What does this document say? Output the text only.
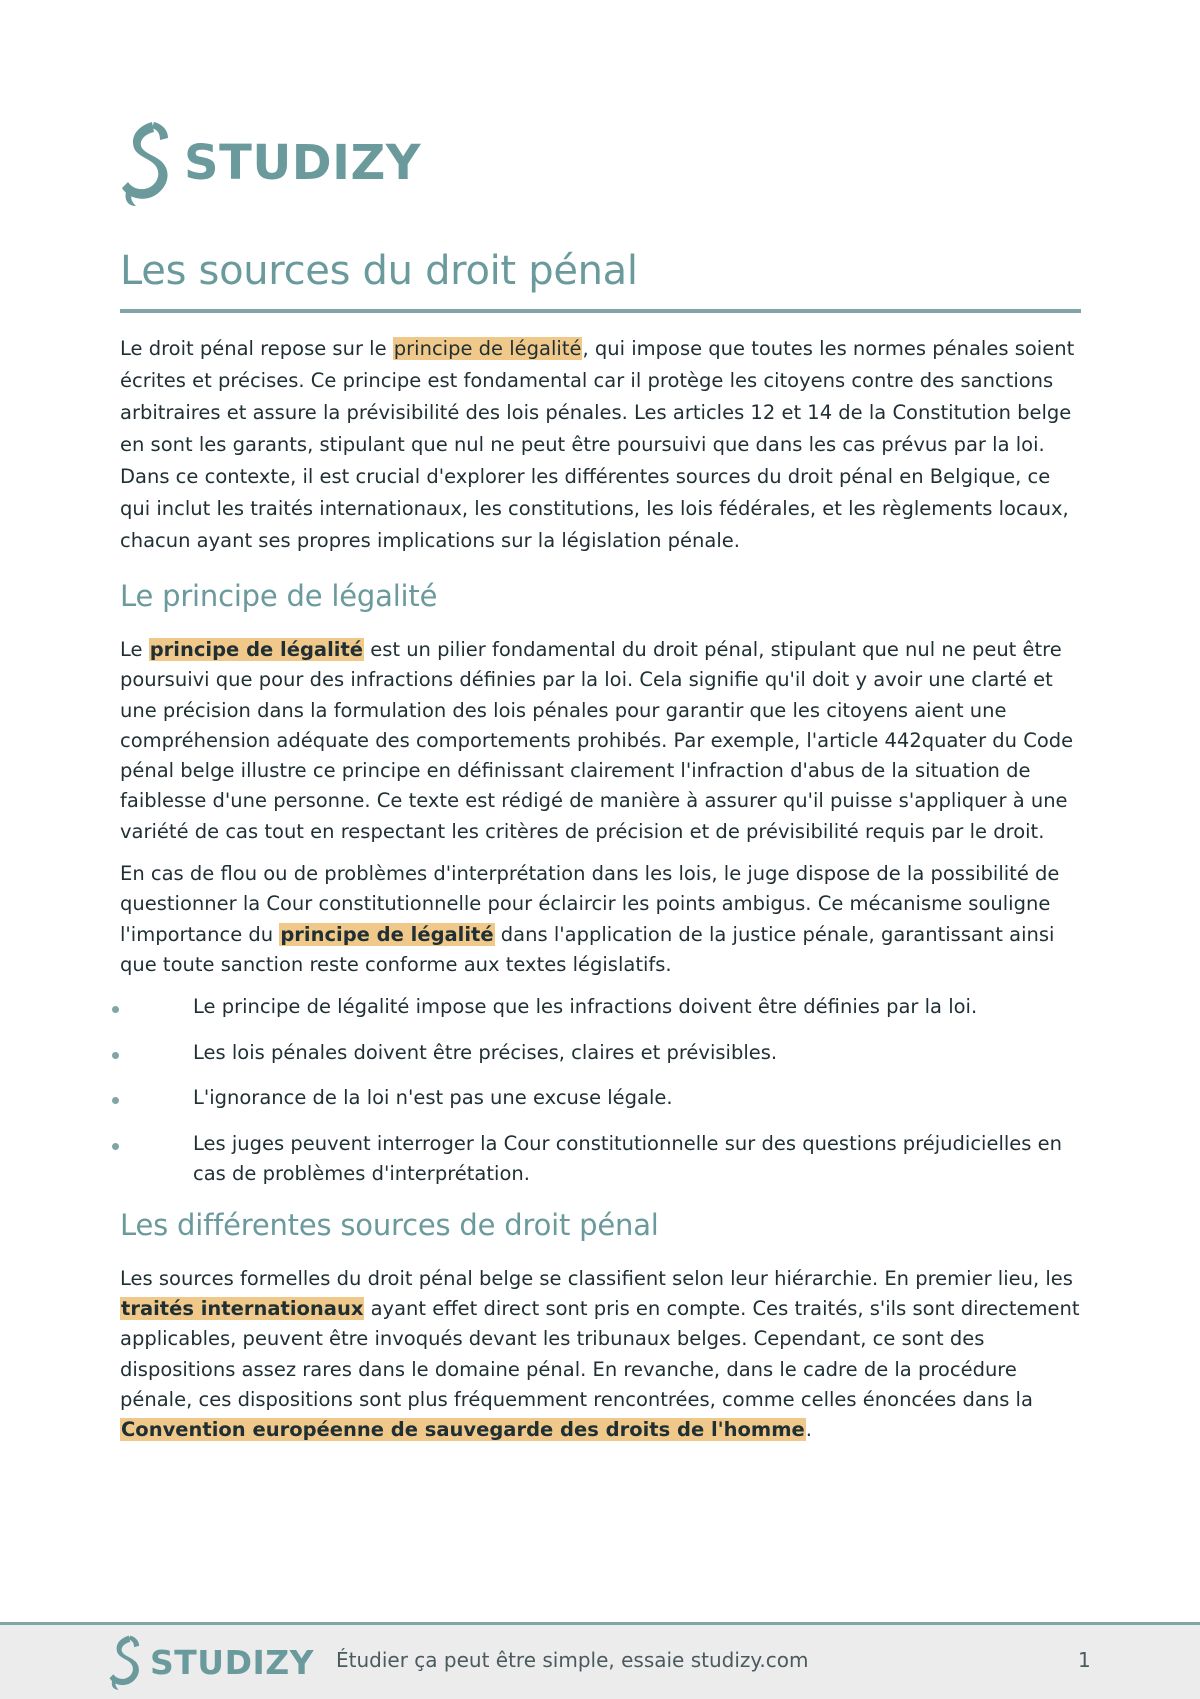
STUDIZY
Les sources du droit pénal

Le droit pénal repose sur le principe de légalité, qui impose que toutes les normes pénales soient écrites et précises. Ce principe est fondamental car il protège les citoyens contre des sanctions arbitraires et assure la prévisibilité des lois pénales. Les articles 12 et 14 de la Constitution belge en sont les garants, stipulant que nul ne peut être poursuivi que dans les cas prévus par la loi. Dans ce contexte, il est crucial d'explorer les différentes sources du droit pénal en Belgique, ce qui inclut les traités internationaux, les constitutions, les lois fédérales, et les règlements locaux, chacun ayant ses propres implications sur la législation pénale.

Le principe de légalité

Le principe de légalité est un pilier fondamental du droit pénal, stipulant que nul ne peut être poursuivi que pour des infractions définies par la loi. Cela signifie qu'il doit y avoir une clarté et une précision dans la formulation des lois pénales pour garantir que les citoyens aient une compréhension adéquate des comportements prohibés. Par exemple, l'article 442quater du Code pénal belge illustre ce principe en définissant clairement l'infraction d'abus de la situation de faiblesse d'une personne. Ce texte est rédigé de manière à assurer qu'il puisse s'appliquer à une variété de cas tout en respectant les critères de précision et de prévisibilité requis par le droit.

En cas de flou ou de problèmes d'interprétation dans les lois, le juge dispose de la possibilité de questionner la Cour constitutionnelle pour éclaircir les points ambigus. Ce mécanisme souligne l'importance du principe de légalité dans l'application de la justice pénale, garantissant ainsi que toute sanction reste conforme aux textes législatifs.

Le principe de légalité impose que les infractions doivent être définies par la loi.
Les lois pénales doivent être précises, claires et prévisibles.
L'ignorance de la loi n'est pas une excuse légale.
Les juges peuvent interroger la Cour constitutionnelle sur des questions préjudicielles en cas de problèmes d'interprétation.
Les différentes sources de droit pénal

Les sources formelles du droit pénal belge se classifient selon leur hiérarchie. En premier lieu, les traités internationaux ayant effet direct sont pris en compte. Ces traités, s'ils sont directement applicables, peuvent être invoqués devant les tribunaux belges. Cependant, ce sont des dispositions assez rares dans le domaine pénal. En revanche, dans le cadre de la procédure pénale, ces dispositions sont plus fréquemment rencontrées, comme celles énoncées dans la Convention européenne de sauvegarde des droits de l'homme.

STUDIZY Étudier ça peut être simple, essaie studizy.com	1
